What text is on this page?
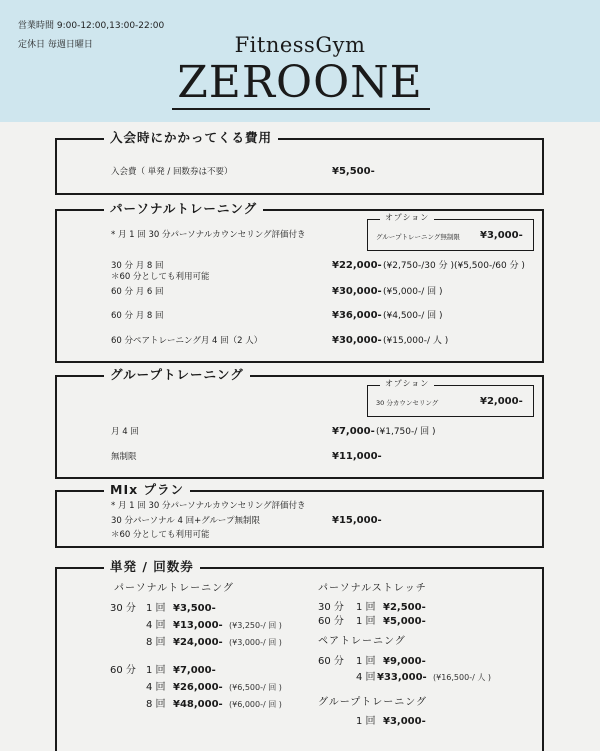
営業時間 9:00-12:00,13:00-22:00
定休日 毎週日曜日	FitnessGym
ZEROONE
入会時にかかってくる費用
入会費（ 単発 / 回数券は不要）	¥5,500-
パーソナルトレーニング
* 月 1 回 30 分パーソナルカウンセリング評価付き
オプション
グループトレーニング無制限 ¥3,000-
30 分 月 8 回	¥22,000- (¥2,750-/30 分 )(¥5,500-/60 分 )
＊60 分としても利用可能
60 分 月 6 回	¥30,000- (¥5,000-/ 回 )
60 分 月 8 回	¥36,000- (¥4,500-/ 回 )
60 分ペアトレーニング月 4 回（2 人）	¥30,000- (¥15,000-/ 人 )
グループトレーニング
オプション
30 分カウンセリング	¥2,000-
月 4 回	¥7,000- (¥1,750-/ 回 )
無制限	¥11,000-
MIx プラン
* 月 1 回 30 分パーソナルカウンセリング評価付き
30 分パーソナル 4 回+グループ無制限	¥15,000-
＊60 分としても利用可能
単発 / 回数券
パーソナルトレーニング
30 分 1 回 ¥3,500-
4 回 ¥13,000- (¥3,250-/ 回 )
8 回 ¥24,000- (¥3,000-/ 回 )
60 分 1 回 ¥7,000-
4 回 ¥26,000- (¥6,500-/ 回 )
8 回 ¥48,000- (¥6,000-/ 回 )
パーソナルストレッチ
30 分 1 回 ¥2,500-
60 分 1 回 ¥5,000-
ペアトレーニング
60 分 1 回 ¥9,000-
4 回 ¥33,000- (¥16,500-/ 人 )
グループトレーニング
1 回 ¥3,000-
